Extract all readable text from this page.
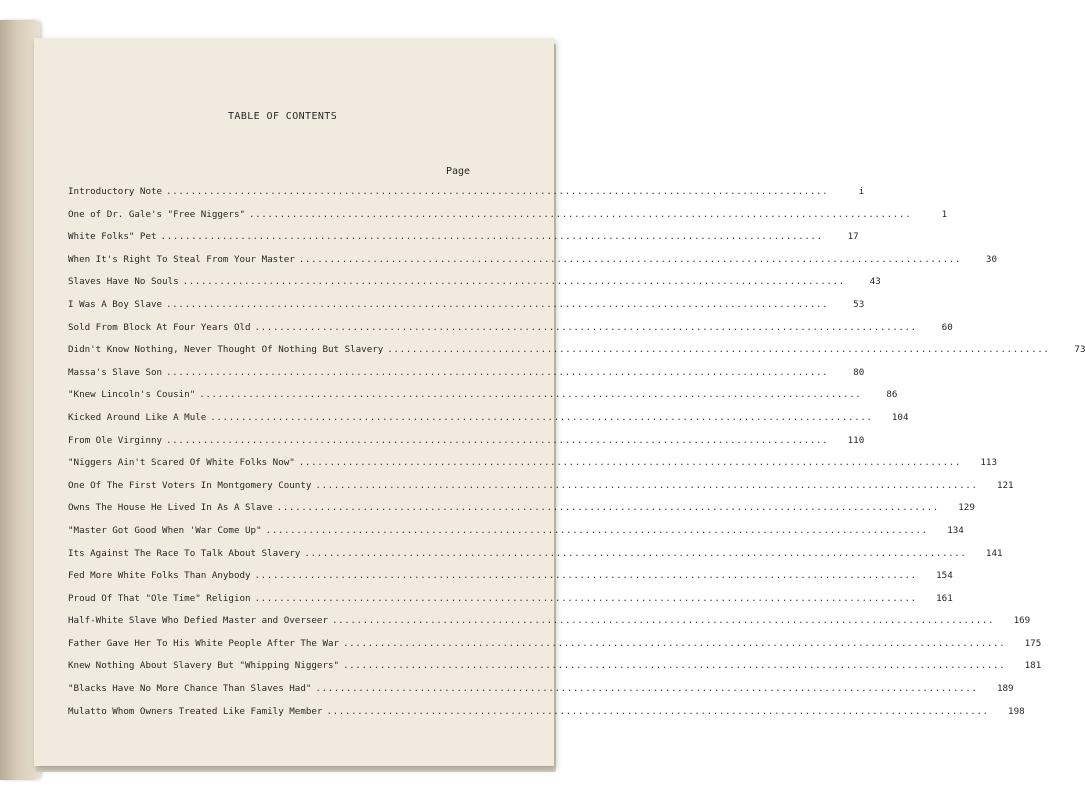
TABLE OF CONTENTS
Page
Introductory Note ............................................................................................................	i
One of Dr. Gale's "Free Niggers" ............................................................................................................	1
White Folks" Pet ............................................................................................................	17
When It's Right To Steal From Your Master ............................................................................................................	30
Slaves Have No Souls ............................................................................................................	43
I Was A Boy Slave ............................................................................................................	53
Sold From Block At Four Years Old ............................................................................................................	60
Didn't Know Nothing, Never Thought Of Nothing But Slavery ............................................................................................................	73
Massa's Slave Son ............................................................................................................	80
"Knew Lincoln's Cousin" ............................................................................................................	86
Kicked Around Like A Mule ............................................................................................................	104
From Ole Virginny ............................................................................................................	110
"Niggers Ain't Scared Of White Folks Now" ............................................................................................................	113
One Of The First Voters In Montgomery County ............................................................................................................	121
Owns The House He Lived In As A Slave ............................................................................................................	129
"Master Got Good When 'War Come Up" ............................................................................................................	134
Its Against The Race To Talk About Slavery ............................................................................................................	141
Fed More White Folks Than Anybody ............................................................................................................	154
Proud Of That "Ole Time" Religion ............................................................................................................	161
Half-White Slave Who Defied Master and Overseer ............................................................................................................	169
Father Gave Her To His White People After The War ............................................................................................................	175
Knew Nothing About Slavery But "Whipping Niggers" ............................................................................................................	181
"Blacks Have No More Chance Than Slaves Had" ............................................................................................................	189
Mulatto Whom Owners Treated Like Family Member ............................................................................................................	198
